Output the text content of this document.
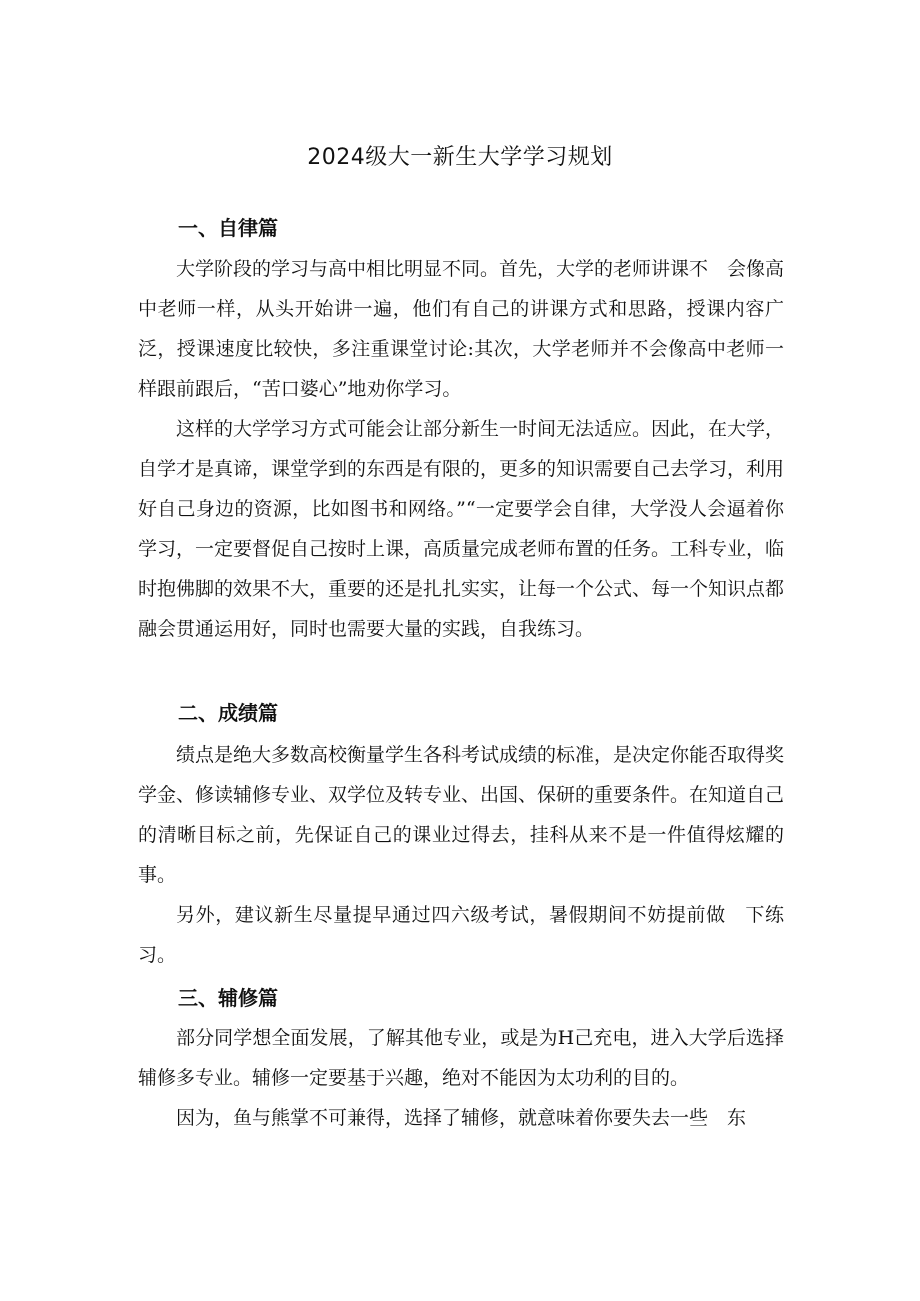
2024级大一新生大学学习规划
一、自律篇

大学阶段的学习与高中相比明显不同。首先，大学的老师讲课不　会像高中老师一样，从头开始讲一遍，他们有自己的讲课方式和思路，授课内容广泛，授课速度比较快，多注重课堂讨论:其次，大学老师并不会像高中老师一样跟前跟后，“苦口婆心”地劝你学习。

这样的大学学习方式可能会让部分新生一时间无法适应。因此，在大学，自学才是真谛，课堂学到的东西是有限的，更多的知识需要自己去学习，利用好自己身边的资源，比如图书和网络。”“一定要学会自律，大学没人会逼着你学习，一定要督促自己按时上课，高质量完成老师布置的任务。工科专业，临时抱佛脚的效果不大，重要的还是扎扎实实，让每一个公式、每一个知识点都融会贯通运用好，同时也需要大量的实践，自我练习。

二、成绩篇

绩点是绝大多数高校衡量学生各科考试成绩的标准，是决定你能否取得奖学金、修读辅修专业、双学位及转专业、出国、保研的重要条件。在知道自己的清晰目标之前，先保证自己的课业过得去，挂科从来不是一件值得炫耀的事。

另外，建议新生尽量提早通过四六级考试，暑假期间不妨提前做　下练习。

三、辅修篇

部分同学想全面发展，了解其他专业，或是为H己充电，进入大学后选择辅修多专业。辅修一定要基于兴趣，绝对不能因为太功利的目的。

因为，鱼与熊掌不可兼得，选择了辅修，就意味着你要失去一些　东
